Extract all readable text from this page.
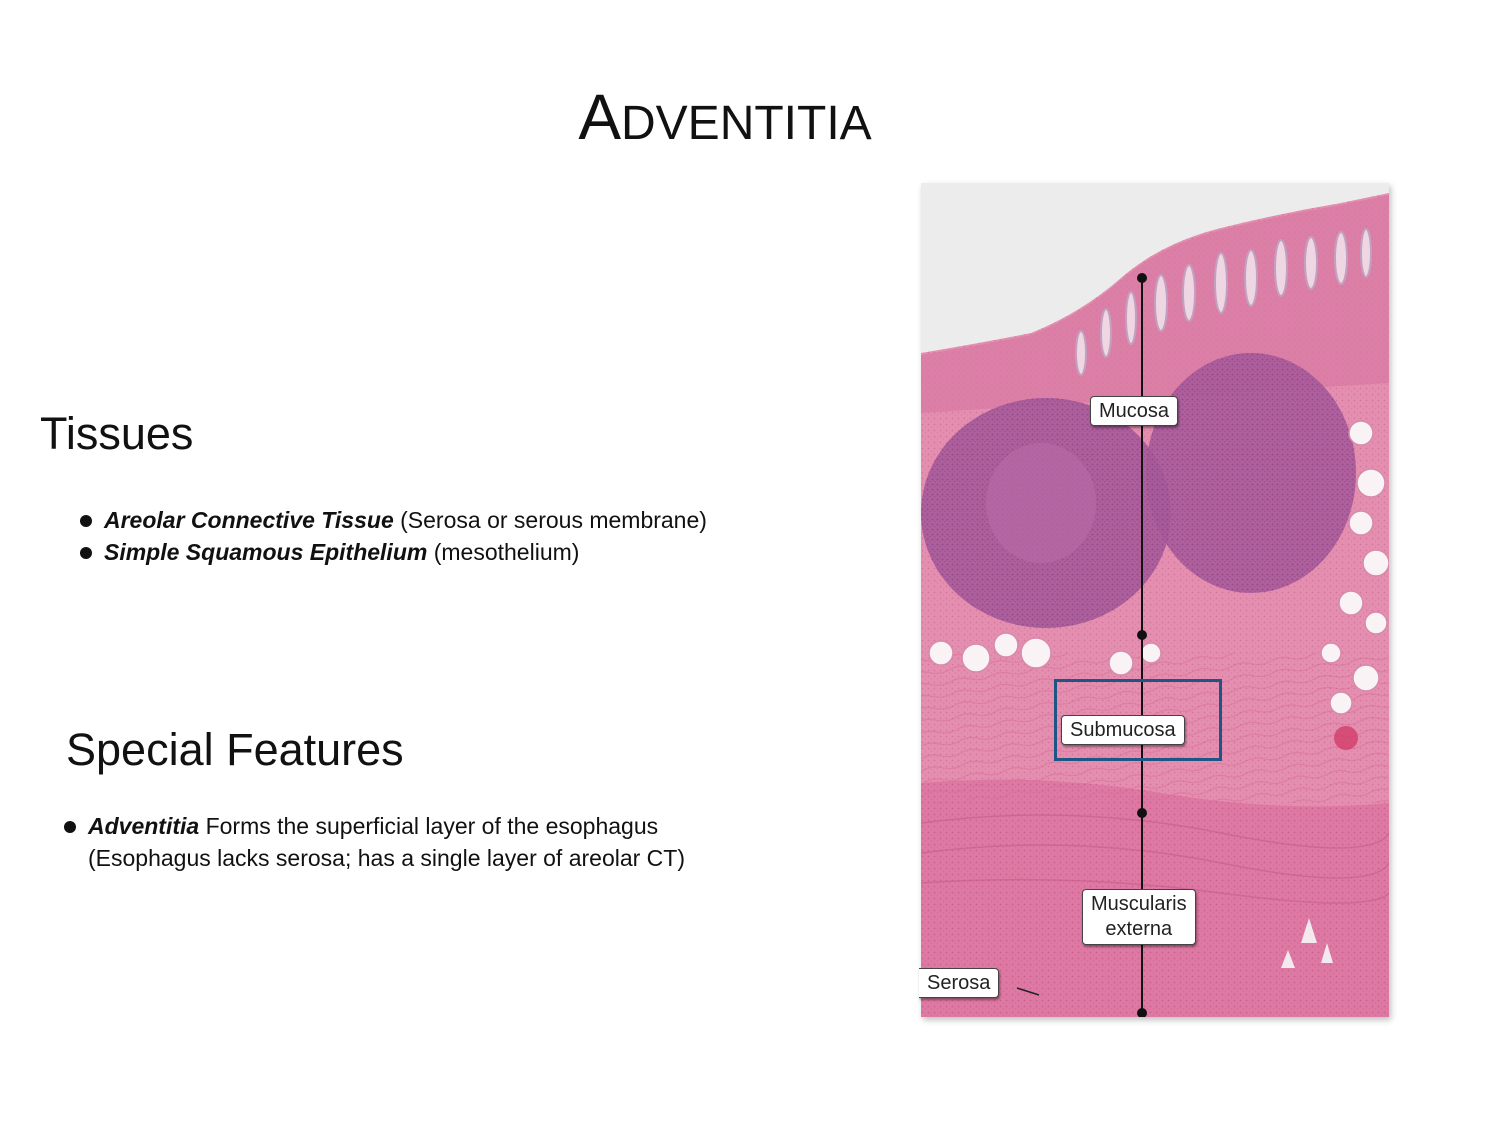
ADVENTITIA
Tissues
Areolar Connective Tissue (Serosa or serous membrane)
Simple Squamous Epithelium (mesothelium)
Special Features
Adventitia Forms the superficial layer of the esophagus (Esophagus lacks serosa; has a single layer of areolar CT)
Mucosa
Submucosa
Muscularis
externa
Serosa
